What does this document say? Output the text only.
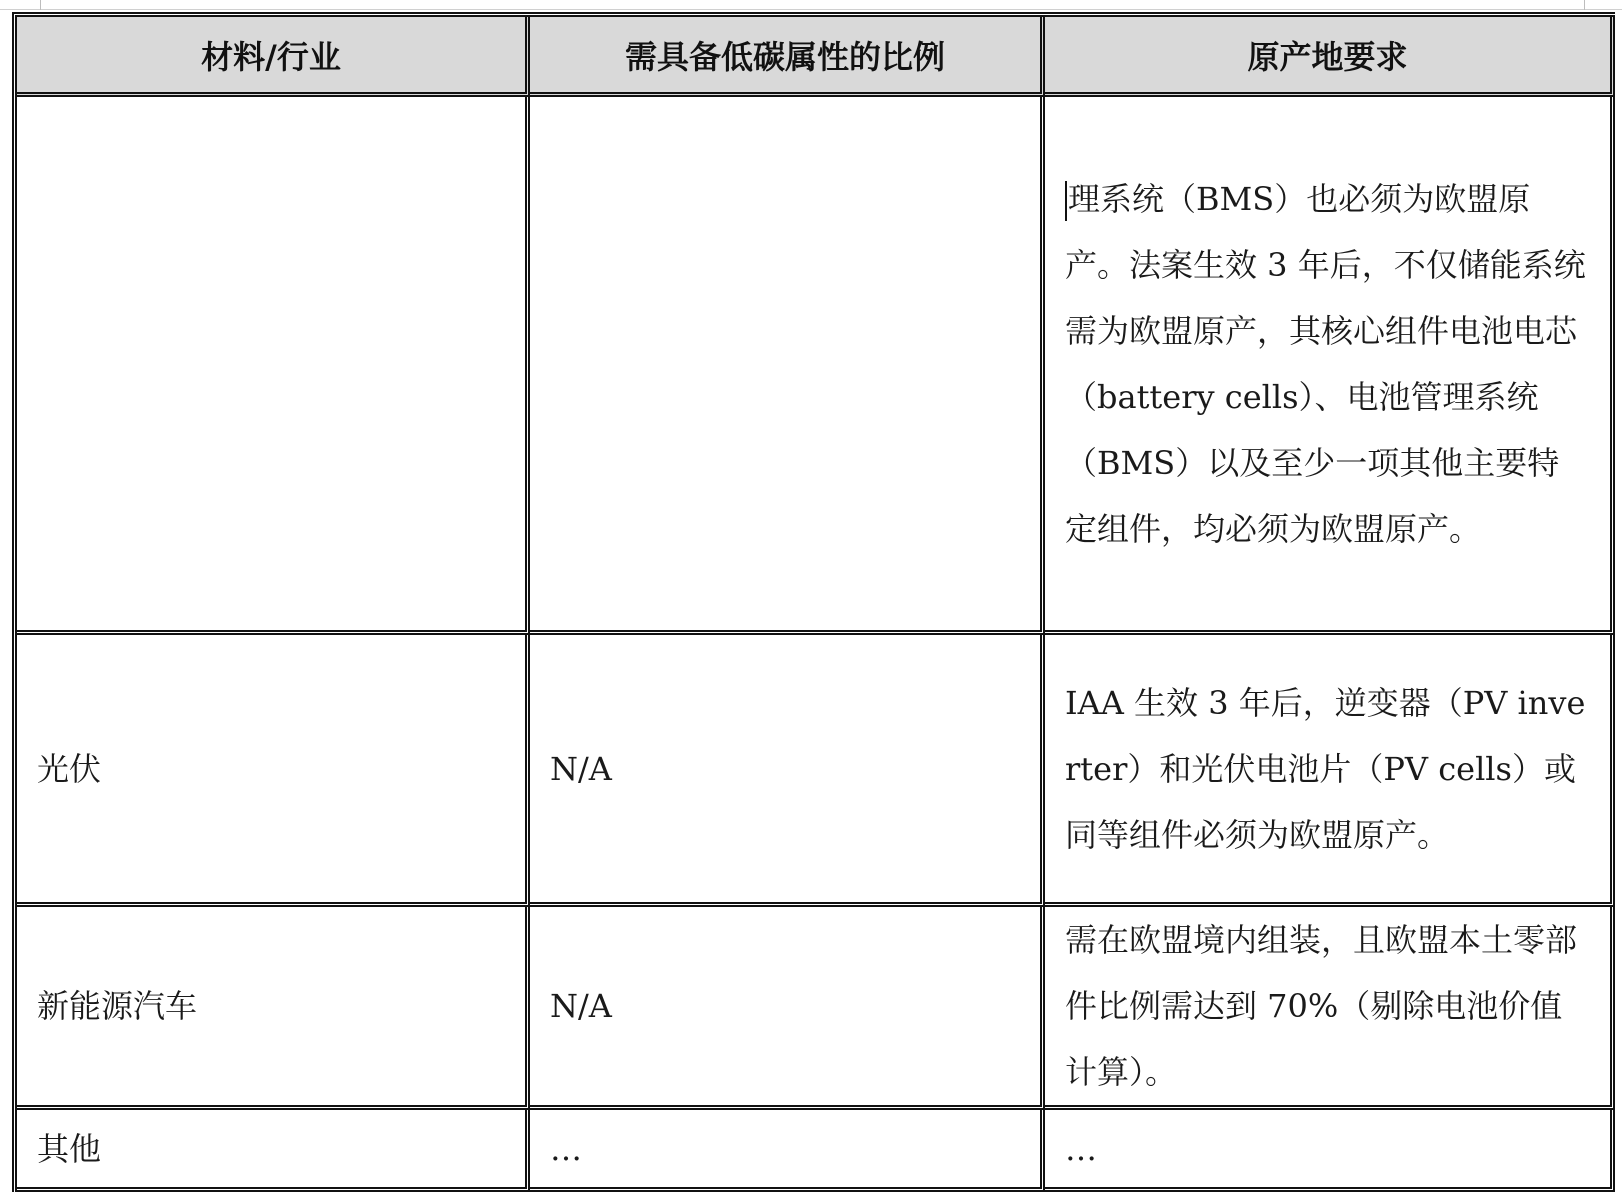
材料/行业	需具备低碳属性的比例	原产地要求
		理系统（BMS）也必须为欧盟原产。法案生效 3 年后，不仅储能系统需为欧盟原产，其核心组件电池电芯（battery cells）、电池管理系统（BMS）以及至少一项其他主要特定组件，均必须为欧盟原产。
光伏	N/A	IAA 生效 3 年后，逆变器（PV inverter）和光伏电池片（PV cells）或同等组件必须为欧盟原产。
新能源汽车	N/A	需在欧盟境内组装，且欧盟本土零部件比例需达到 70%（剔除电池价值计算）。
其他	…	…
